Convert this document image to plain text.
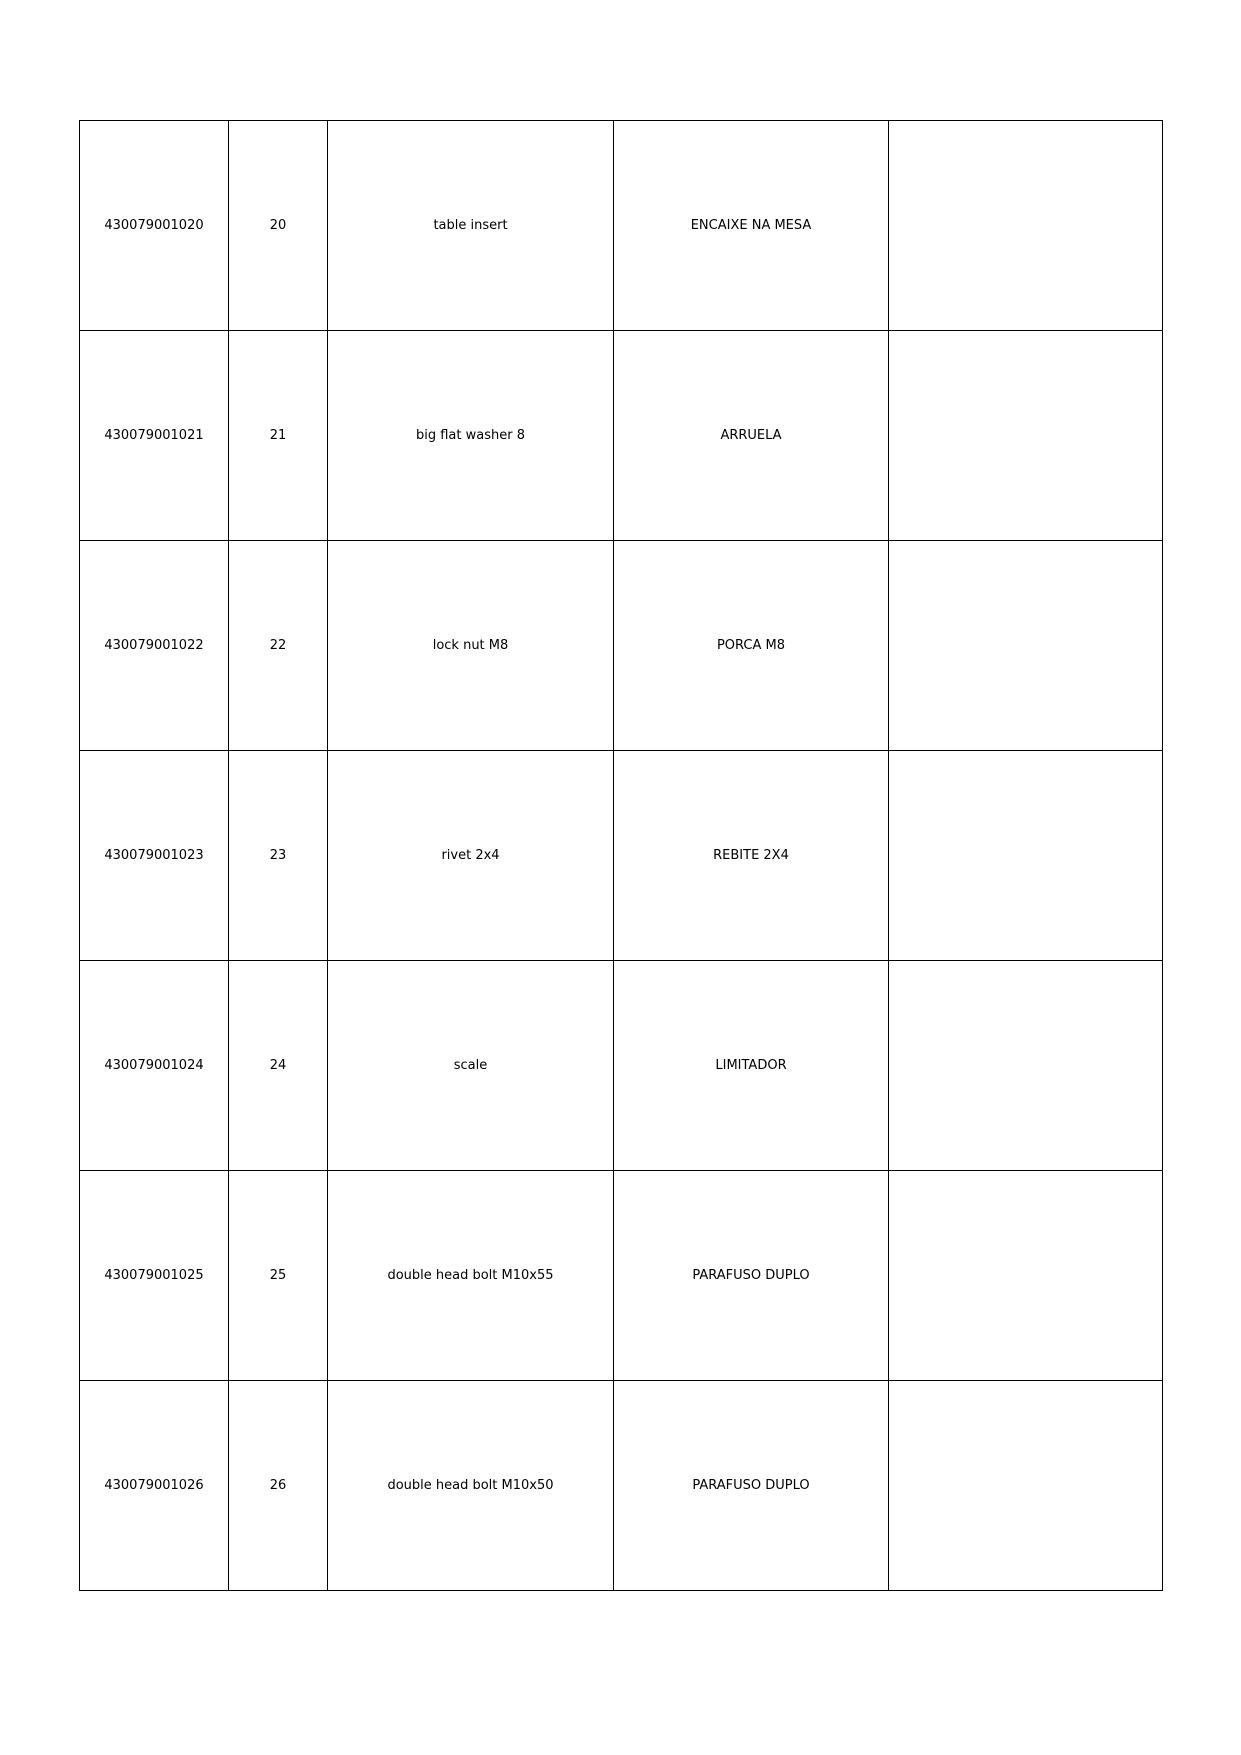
430079001020	20	table insert	ENCAIXE NA MESA	
430079001021	21	big flat washer 8	ARRUELA	
430079001022	22	lock nut M8	PORCA M8	
430079001023	23	rivet 2x4	REBITE 2X4	
430079001024	24	scale	LIMITADOR	
430079001025	25	double head bolt M10x55	PARAFUSO DUPLO	
430079001026	26	double head bolt M10x50	PARAFUSO DUPLO	
